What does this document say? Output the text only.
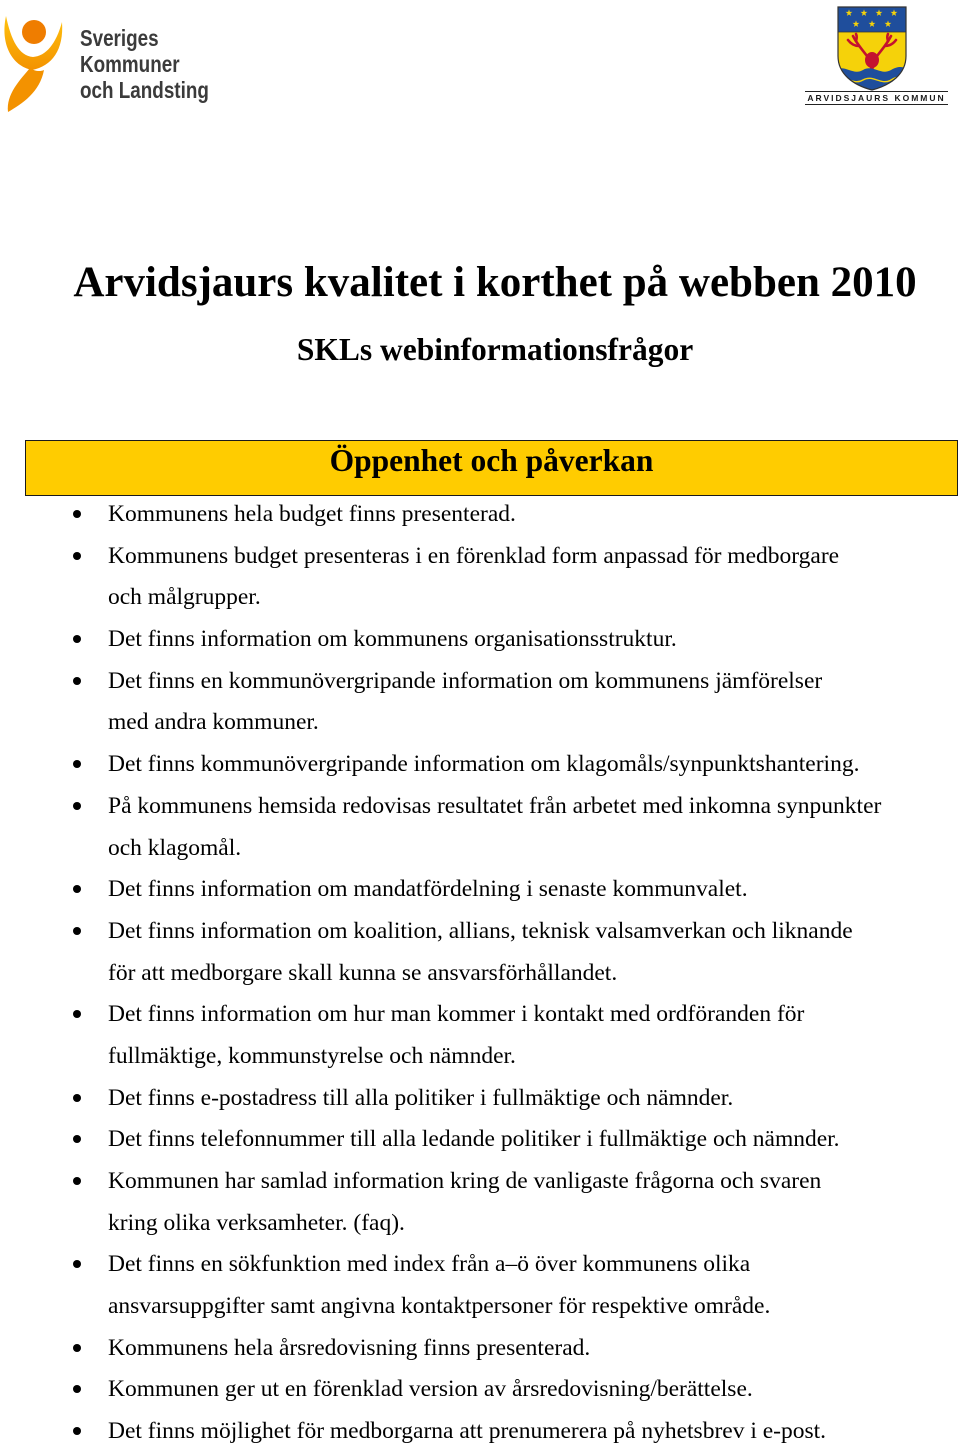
Sveriges
Kommuner
och Landsting	ARVIDSJAURS KOMMUN
Arvidsjaurs kvalitet i korthet på webben 2010
SKLs webinformationsfrågor
Öppenhet och påverkan
Kommunens hela budget finns presenterad.
Kommunens budget presenteras i en förenklad form anpassad för medborgare
och målgrupper.
Det finns information om kommunens organisationsstruktur.
Det finns en kommunövergripande information om kommunens jämförelser
med andra kommuner.
Det finns kommunövergripande information om klagomåls/synpunktshantering.
På kommunens hemsida redovisas resultatet från arbetet med inkomna synpunkter
och klagomål.
Det finns information om mandatfördelning i senaste kommunvalet.
Det finns information om koalition, allians, teknisk valsamverkan och liknande
för att medborgare skall kunna se ansvarsförhållandet.
Det finns information om hur man kommer i kontakt med ordföranden för
fullmäktige, kommunstyrelse och nämnder.
Det finns e-postadress till alla politiker i fullmäktige och nämnder.
Det finns telefonnummer till alla ledande politiker i fullmäktige och nämnder.
Kommunen har samlad information kring de vanligaste frågorna och svaren
kring olika verksamheter. (faq).
Det finns en sökfunktion med index från a–ö över kommunens olika
ansvarsuppgifter samt angivna kontaktpersoner för respektive område.
Kommunens hela årsredovisning finns presenterad.
Kommunen ger ut en förenklad version av årsredovisning/berättelse.
Det finns möjlighet för medborgarna att prenumerera på nyhetsbrev i e-post.
